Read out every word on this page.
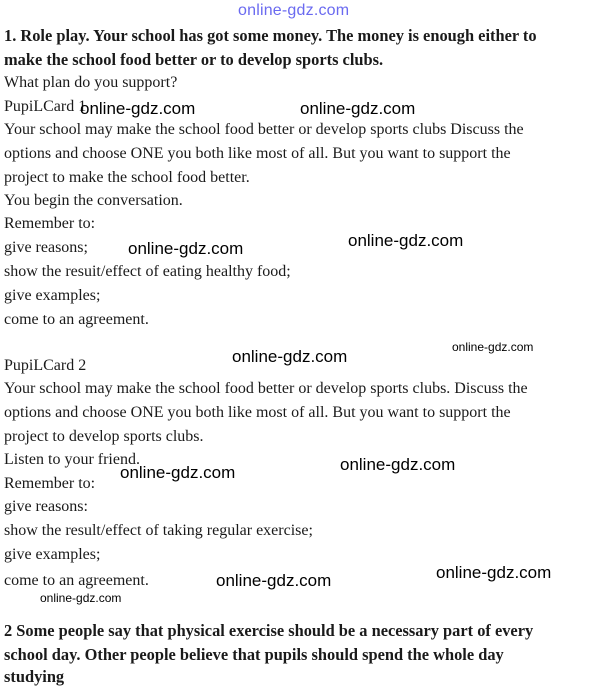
online-gdz.com
1. Role play. Your school has got some money. The money is enough either to
make the school food better or to develop sports clubs.
What plan do you support?
PupiLCard 1
online-gdz.com	online-gdz.com
Your school may make the school food better or develop sports clubs Discuss the
options and choose ONE you both like most of all. But you want to support the
project to make the school food better.
You begin the conversation.
Remember to:
give reasons; online-gdz.com	online-gdz.com
show the resuit/effect of eating healthy food;
give examples;
come to an agreement.
online-gdz.com
online-gdz.com
PupiLCard 2
Your school may make the school food better or develop sports clubs. Discuss the
options and choose ONE you both like most of all. But you want to support the
project to develop sports clubs.
Listen to your friend.	online-gdz.com
online-gdz.com
Remember to:
give reasons:
show the result/effect of taking regular exercise;
give examples;
online-gdz.com
come to an agreement.	online-gdz.com
online-gdz.com
2 Some people say that physical exercise should be a necessary part of every
school day. Other people believe that pupils should spend the whole day
studying
